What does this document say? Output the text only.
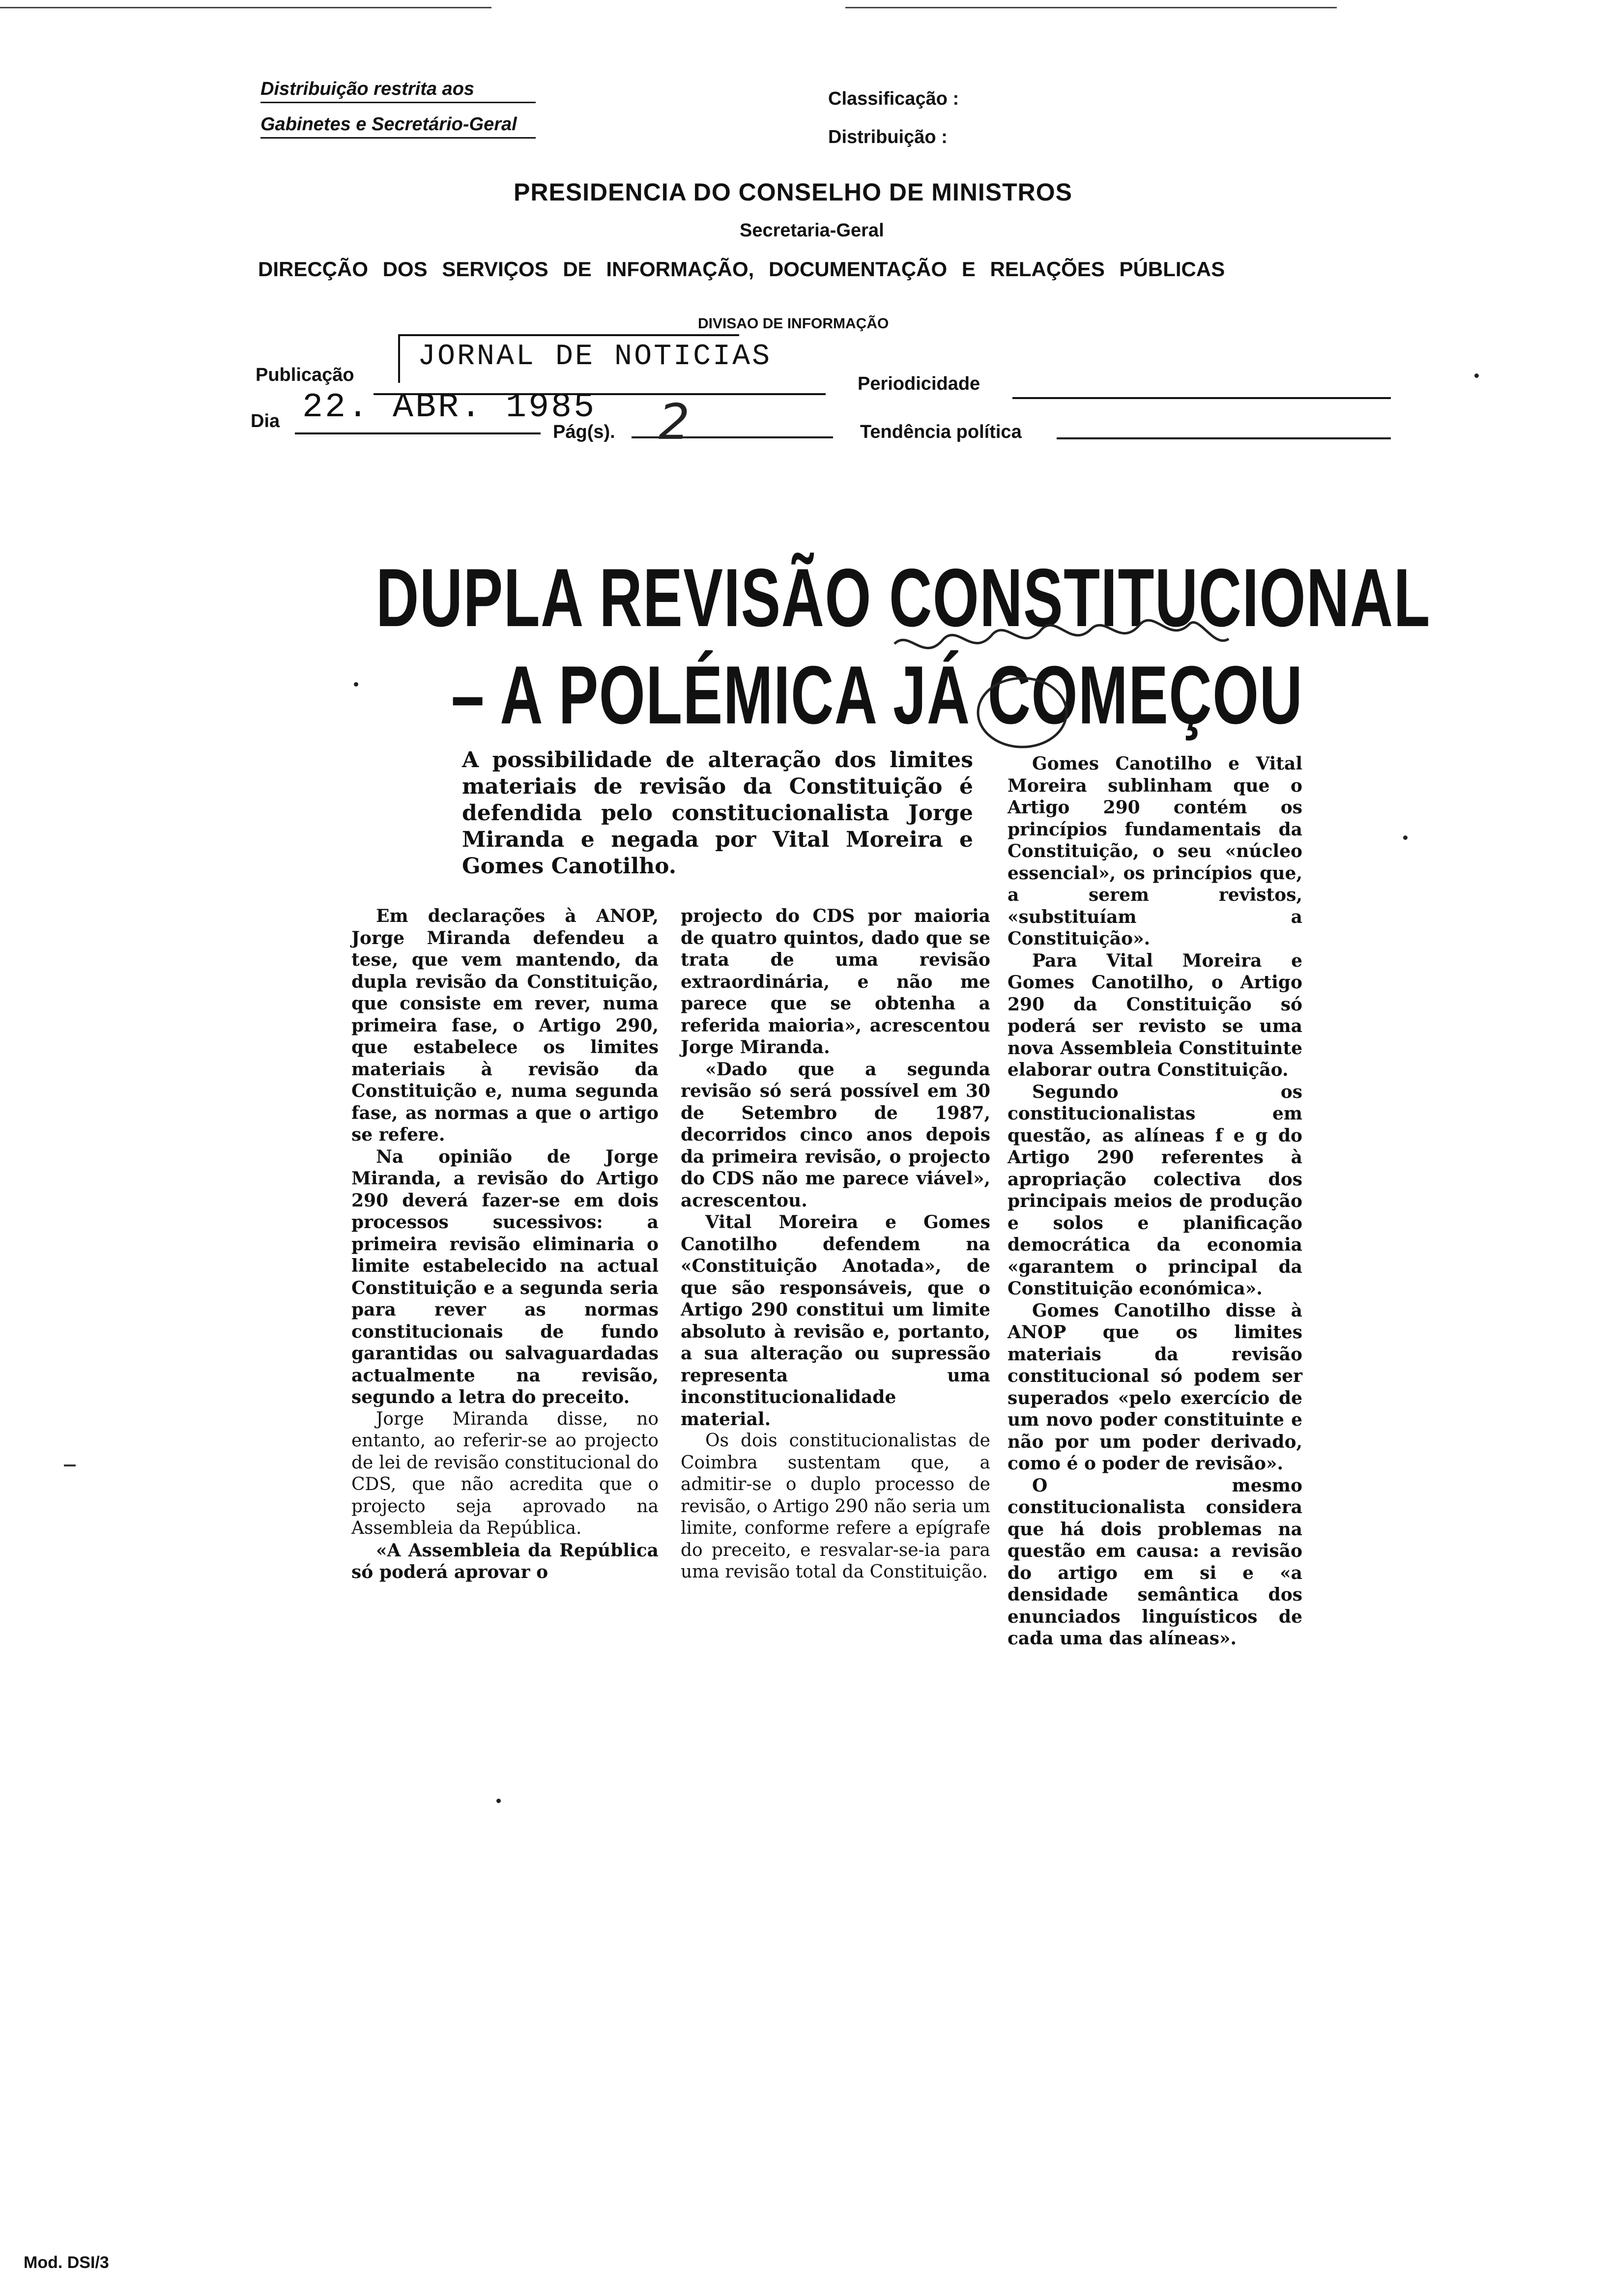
Distribuição restrita aos
Gabinetes e Secretário-Geral
Classificação :
Distribuição :
PRESIDENCIA DO CONSELHO DE MINISTROS
Secretaria-Geral
DIRECÇÃO DOS SERVIÇOS DE INFORMAÇÃO, DOCUMENTAÇÃO E RELAÇÕES PÚBLICAS
DIVISAO DE INFORMAÇÃO
Publicação
JORNAL DE NOTICIAS
Periodicidade
Dia 22. ABR. 1985
Pág(s). 2	Tendência política
DUPLA REVISÃO CONSTITUCIONAL
– A POLÉMICA JÁ COMEÇOU
A possibilidade de alteração dos limites materiais de revisão da Constituição é defendida pelo constitucionalista Jorge Miranda e negada por Vital Moreira e Gomes Canotilho.

Em declarações à ANOP, Jorge Miranda defendeu a tese, que vem mantendo, da dupla revisão da Constituição, que consiste em rever, numa primeira fase, o Artigo 290, que estabelece os limites materiais à revisão da Constituição e, numa segunda fase, as normas a que o artigo se refere.

Na opinião de Jorge Miranda, a revisão do Artigo 290 deverá fazer-se em dois processos sucessivos: a primeira revisão eliminaria o limite estabelecido na actual Constituição e a segunda seria para rever as normas constitucionais de fundo garantidas ou salvaguardadas actualmente na revisão, segundo a letra do preceito.

Jorge Miranda disse, no entanto, ao referir-se ao projecto de lei de revisão constitucional do CDS, que não acredita que o projecto seja aprovado na Assembleia da República.

«A Assembleia da República só poderá aprovar o

projecto do CDS por maioria de quatro quintos, dado que se trata de uma revisão extraordinária, e não me parece que se obtenha a referida maioria», acrescentou Jorge Miranda.

«Dado que a segunda revisão só será possível em 30 de Setembro de 1987, decorridos cinco anos depois da primeira revisão, o projecto do CDS não me parece viável», acrescentou.

Vital Moreira e Gomes Canotilho defendem na «Constituição Anotada», de que são responsáveis, que o Artigo 290 constitui um limite absoluto à revisão e, portanto, a sua alteração ou supressão representa uma inconstitucionalidade material.

Os dois constitucionalistas de Coimbra sustentam que, a admitir-se o duplo processo de revisão, o Artigo 290 não seria um limite, conforme refere a epígrafe do preceito, e resvalar-se-ia para uma revisão total da Constituição.

Gomes Canotilho e Vital Moreira sublinham que o Artigo 290 contém os princípios fundamentais da Constituição, o seu «núcleo essencial», os princípios que, a serem revistos, «substituíam a Constituição».

Para Vital Moreira e Gomes Canotilho, o Artigo 290 da Constituição só poderá ser revisto se uma nova Assembleia Constituinte elaborar outra Constituição.

Segundo os constitucionalistas em questão, as alíneas f e g do Artigo 290 referentes à apropriação colectiva dos principais meios de produção e solos e planificação democrática da economia «garantem o principal da Constituição económica».

Gomes Canotilho disse à ANOP que os limites materiais da revisão constitucional só podem ser superados «pelo exercício de um novo poder constituinte e não por um poder derivado, como é o poder de revisão».

O mesmo constitucionalista considera que há dois problemas na questão em causa: a revisão do artigo em si e «a densidade semântica dos enunciados linguísticos de cada uma das alíneas».

Mod. DSI/3
